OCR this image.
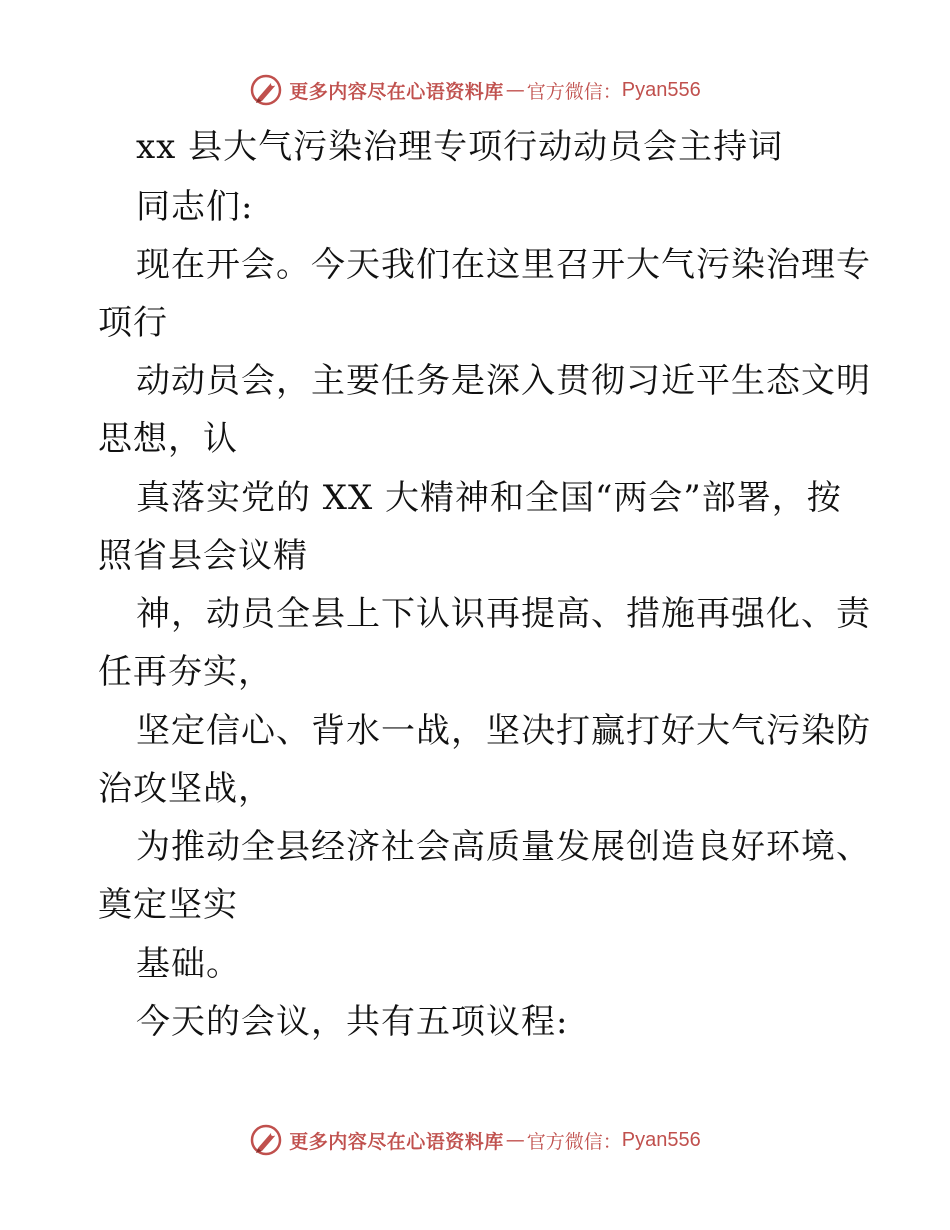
更多内容尽在心语资料库 — 官方微信： Pyan556
xx 县大气污染治理专项行动动员会主持词
同志们:
现在开会。今天我们在这里召开大气污染治理专
项行
动动员会，主要任务是深入贯彻习近平生态文明
思想，认
真落实党的 XX 大精神和全国“两会”部署，按
照省县会议精
神，动员全县上下认识再提高、措施再强化、责
任再夯实，
坚定信心、背水一战，坚决打赢打好大气污染防
治攻坚战，
为推动全县经济社会高质量发展创造良好环境、
奠定坚实
基础。
今天的会议，共有五项议程:
更多内容尽在心语资料库 — 官方微信： Pyan556
